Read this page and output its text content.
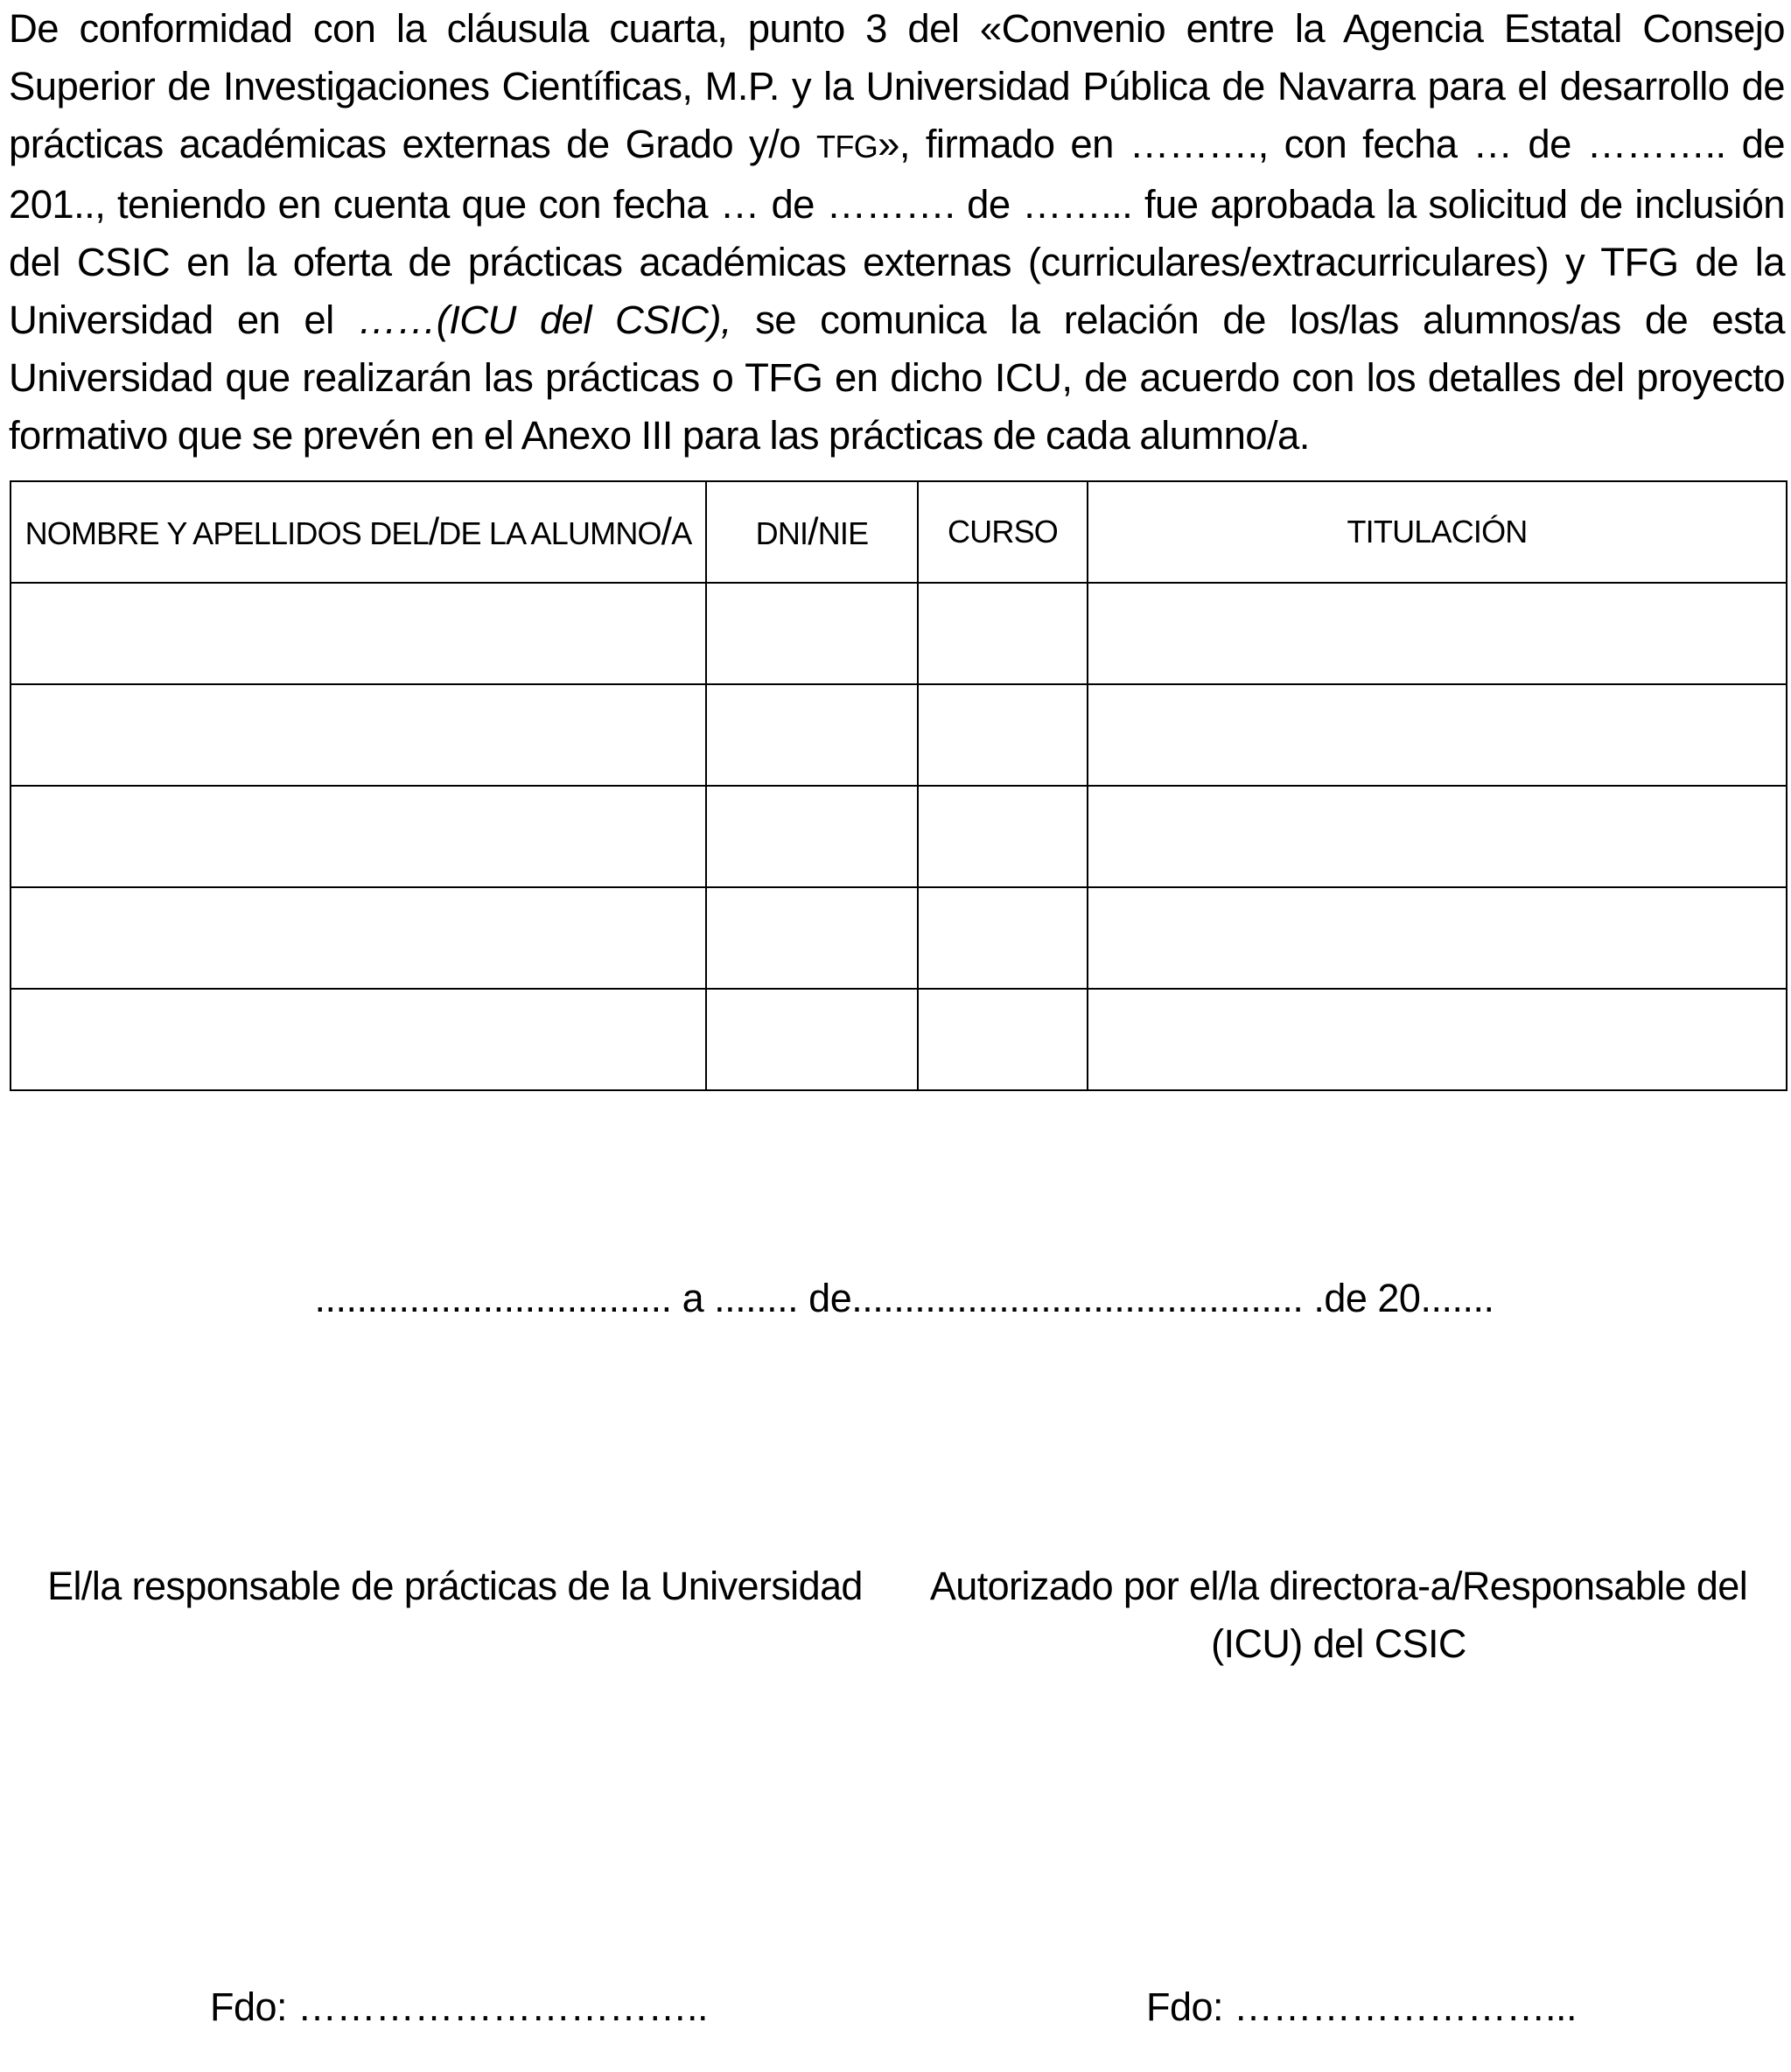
De conformidad con la cláusula cuarta, punto 3 del «Convenio entre la Agencia Estatal Consejo Superior de Investigaciones Científicas, M.P. y la Universidad Pública de Navarra para el desarrollo de prácticas académicas externas de Grado y/o TFG», firmado en ………., con fecha … de ……….. de 201.., teniendo en cuenta que con fecha … de ………. de ……... fue aprobada la solicitud de inclusión del CSIC en la oferta de prácticas académicas externas (curriculares/extracurriculares) y TFG de la Universidad en el ……(ICU del CSIC), se comunica la relación de los/las alumnos/as de esta Universidad que realizarán las prácticas o TFG en dicho ICU, de acuerdo con los detalles del proyecto formativo que se prevén en el Anexo III para las prácticas de cada alumno/a.

NOMBRE Y APELLIDOS DEL/DE LA ALUMNO/A	DNI/NIE	CURSO	TITULACIÓN

.................................. a ........ de........................................... .de 20.......
El/la responsable de prácticas de la Universidad	Autorizado por el/la directora-a/Responsable del
(ICU) del CSIC
Fdo: …………………………..	Fdo: ……………………...
